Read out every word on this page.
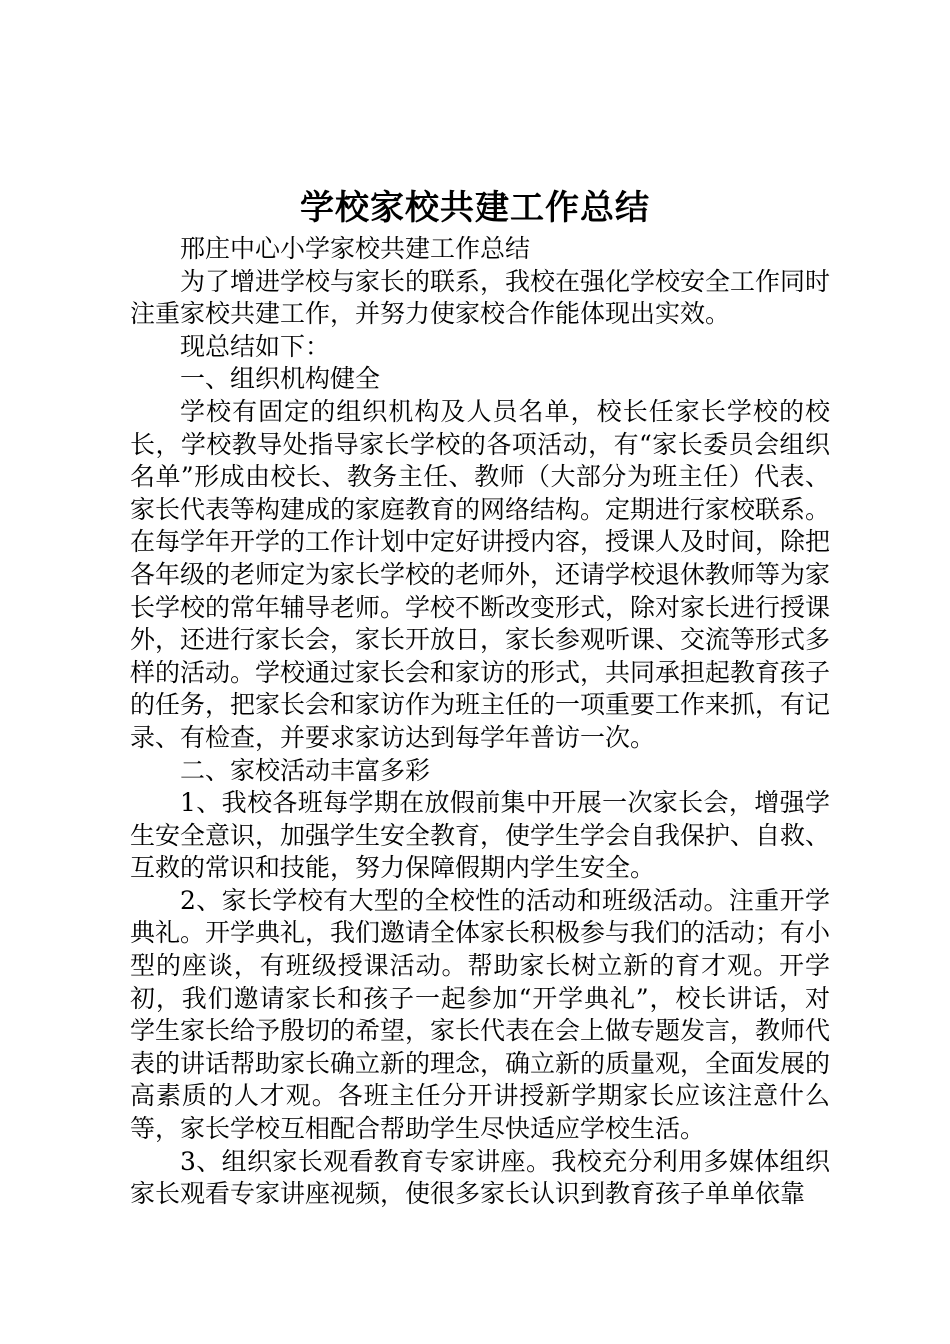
学校家校共建工作总结

邢庄中心小学家校共建工作总结

为了增进学校与家长的联系，我校在强化学校安全工作同时注重家校共建工作，并努力使家校合作能体现出实效。

现总结如下：

一、组织机构健全

学校有固定的组织机构及人员名单，校长任家长学校的校长，学校教导处指导家长学校的各项活动，有“家长委员会组织名单”形成由校长、教务主任、教师（大部分为班主任）代表、家长代表等构建成的家庭教育的网络结构。定期进行家校联系。在每学年开学的工作计划中定好讲授内容，授课人及时间，除把各年级的老师定为家长学校的老师外，还请学校退休教师等为家长学校的常年辅导老师。学校不断改变形式，除对家长进行授课外，还进行家长会，家长开放日，家长参观听课、交流等形式多样的活动。学校通过家长会和家访的形式，共同承担起教育孩子的任务，把家长会和家访作为班主任的一项重要工作来抓，有记录、有检查，并要求家访达到每学年普访一次。

二、家校活动丰富多彩

1、我校各班每学期在放假前集中开展一次家长会，增强学生安全意识，加强学生安全教育，使学生学会自我保护、自救、互救的常识和技能，努力保障假期内学生安全。

2、家长学校有大型的全校性的活动和班级活动。注重开学典礼。开学典礼，我们邀请全体家长积极参与我们的活动；有小型的座谈，有班级授课活动。帮助家长树立新的育才观。开学初，我们邀请家长和孩子一起参加“开学典礼”，校长讲话，对学生家长给予殷切的希望，家长代表在会上做专题发言，教师代表的讲话帮助家长确立新的理念，确立新的质量观，全面发展的高素质的人才观。各班主任分开讲授新学期家长应该注意什么等，家长学校互相配合帮助学生尽快适应学校生活。

3、组织家长观看教育专家讲座。我校充分利用多媒体组织家长观看专家讲座视频，使很多家长认识到教育孩子单单依靠
